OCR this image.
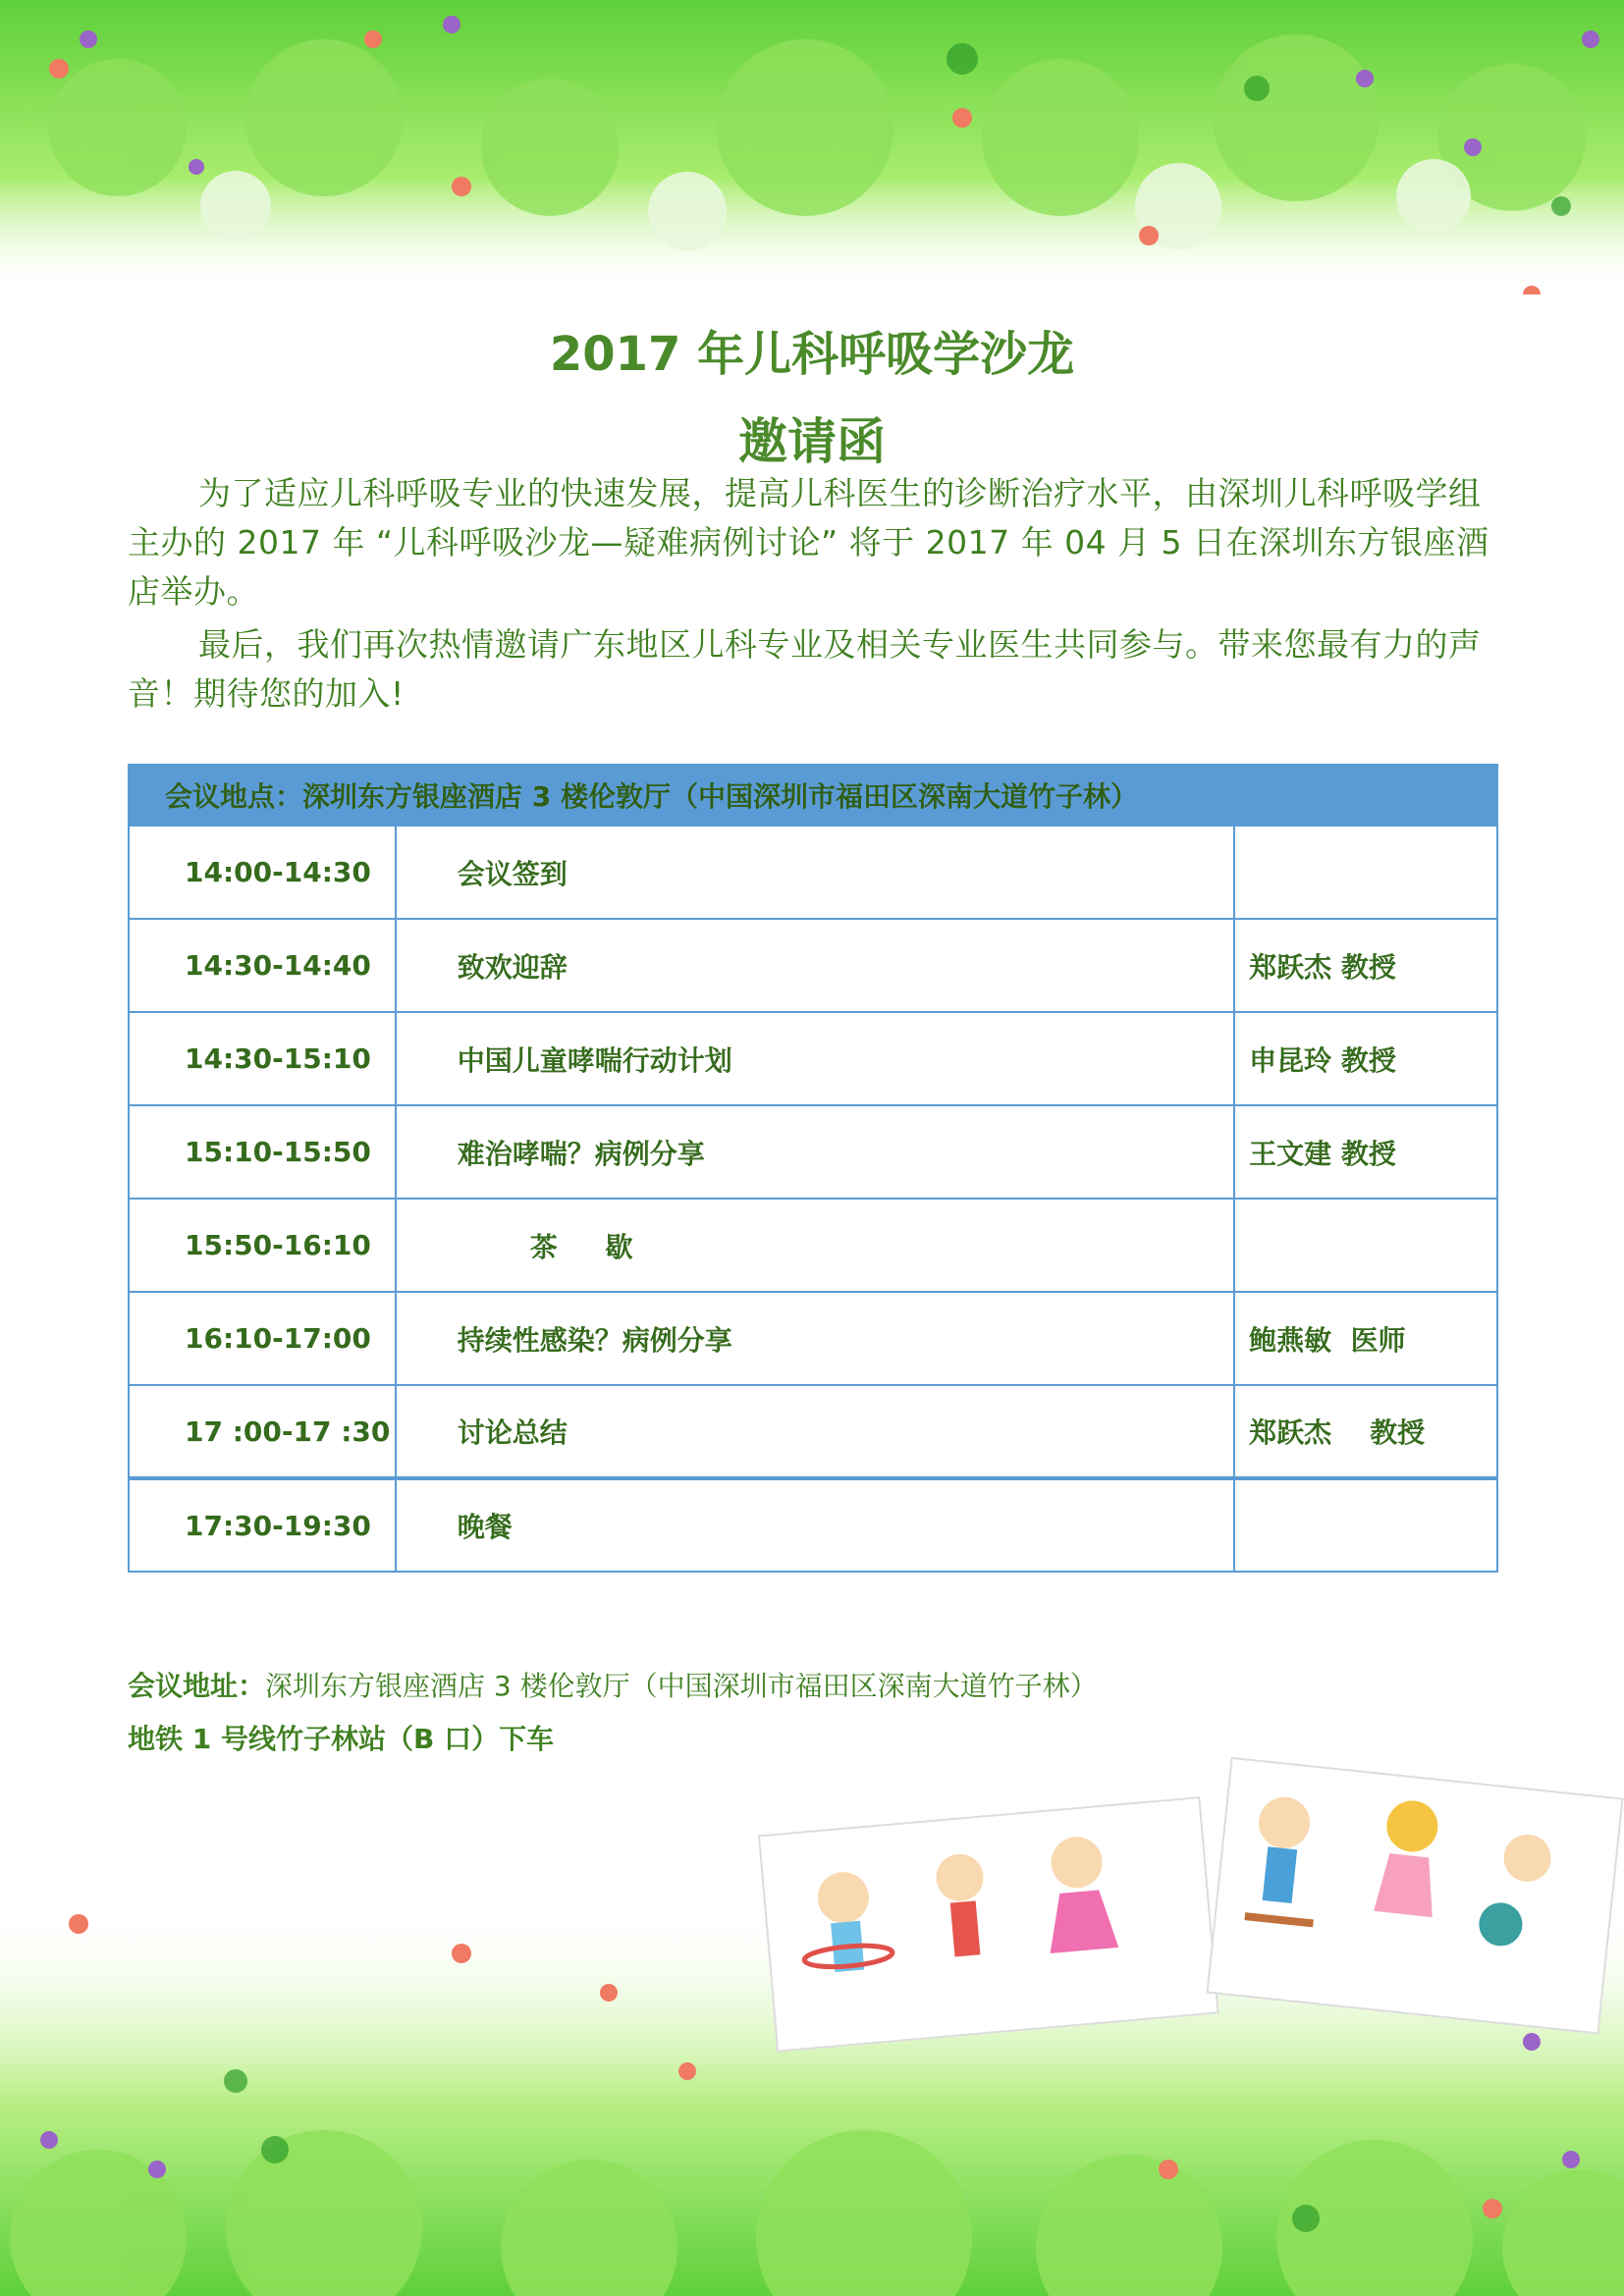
2017 年儿科呼吸学沙龙
邀请函

为了适应儿科呼吸专业的快速发展，提高儿科医生的诊断治疗水平，由深圳儿科呼吸学组主办的 2017 年 “儿科呼吸沙龙—疑难病例讨论” 将于 2017 年 04 月 5 日在深圳东方银座酒店举办。

最后，我们再次热情邀请广东地区儿科专业及相关专业医生共同参与。带来您最有力的声音！期待您的加入!

会议地点：深圳东方银座酒店 3 楼伦敦厅（中国深圳市福田区深南大道竹子林）		
14:00-14:30	会议签到	
14:30-14:40	致欢迎辞	郑跃杰 教授
14:30-15:10	中国儿童哮喘行动计划	申昆玲 教授
15:10-15:50	难治哮喘？病例分享	王文建 教授
15:50-16:10	茶     歇	
16:10-17:00	持续性感染？病例分享	鲍燕敏  医师
17 :00-17 :30	讨论总结	郑跃杰    教授
17:30-19:30	晚餐	

会议地址：深圳东方银座酒店 3 楼伦敦厅（中国深圳市福田区深南大道竹子林）

地铁 1 号线竹子林站（B 口）下车
